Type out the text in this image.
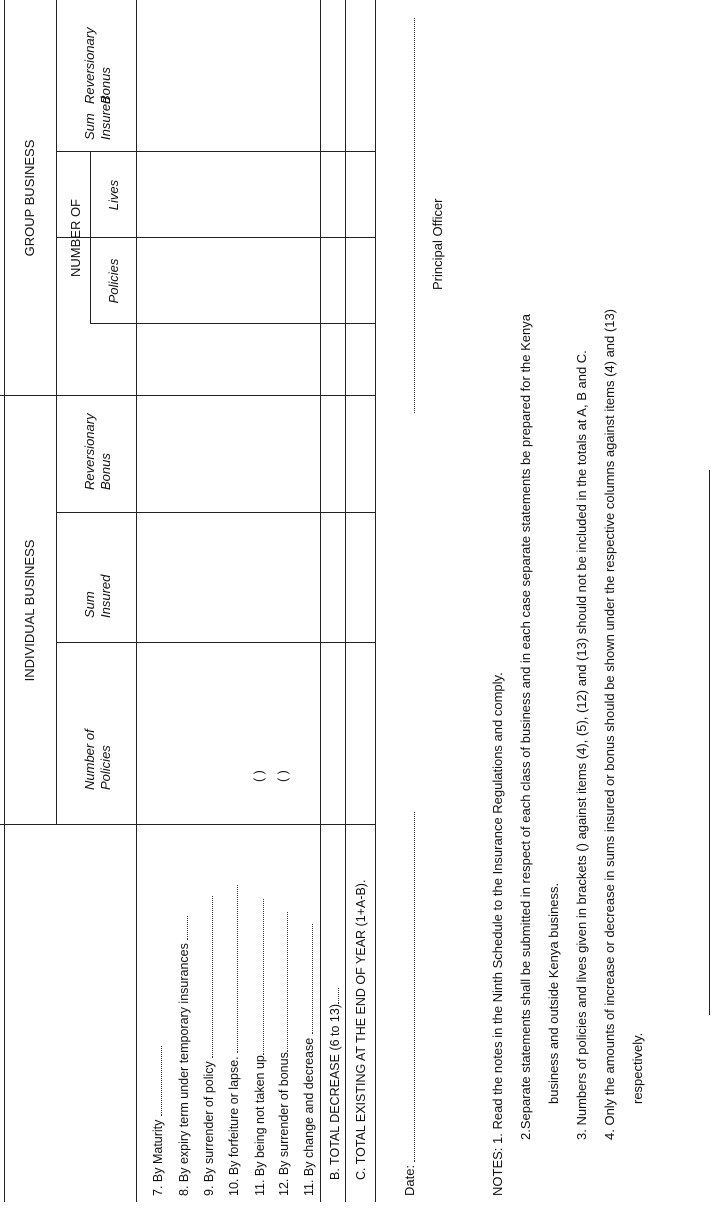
INDIVIDUAL BUSINESS
GROUP BUSINESS NUMBER OF
Number of
Policies
Sum
Insured
Reversionary
Bonus
Policies
Lives
Sum
Insured
Reversionary
Bonus
7. By Maturity 8. By expiry term under temporary insurances 9. By surrender of policy 10. By forfeiture or lapse. 11. By being not taken up 12. By surrender of bonus 11. By change and decrease B. TOTAL DECREASE (6 to 13) C. TOTAL EXISTING AT THE END OF YEAR (1+A-B).
( ) ( )
Date:
Principal Officer
NOTES: 1. Read the notes in the Ninth Schedule to the Insurance Regulations and comply. 2.Separate statements shall be submitted in respect of each class of business and in each case separate statements be prepared for the Kenya business and outside Kenya business. 3. Numbers of policies and lives given in brackets () against items (4), (5), (12) and (13) should not be included in the totals at A, B and C. 4. Only the amounts of increase or decrease in sums insured or bonus should be shown under the respective columns against items (4) and (13) respectively.
